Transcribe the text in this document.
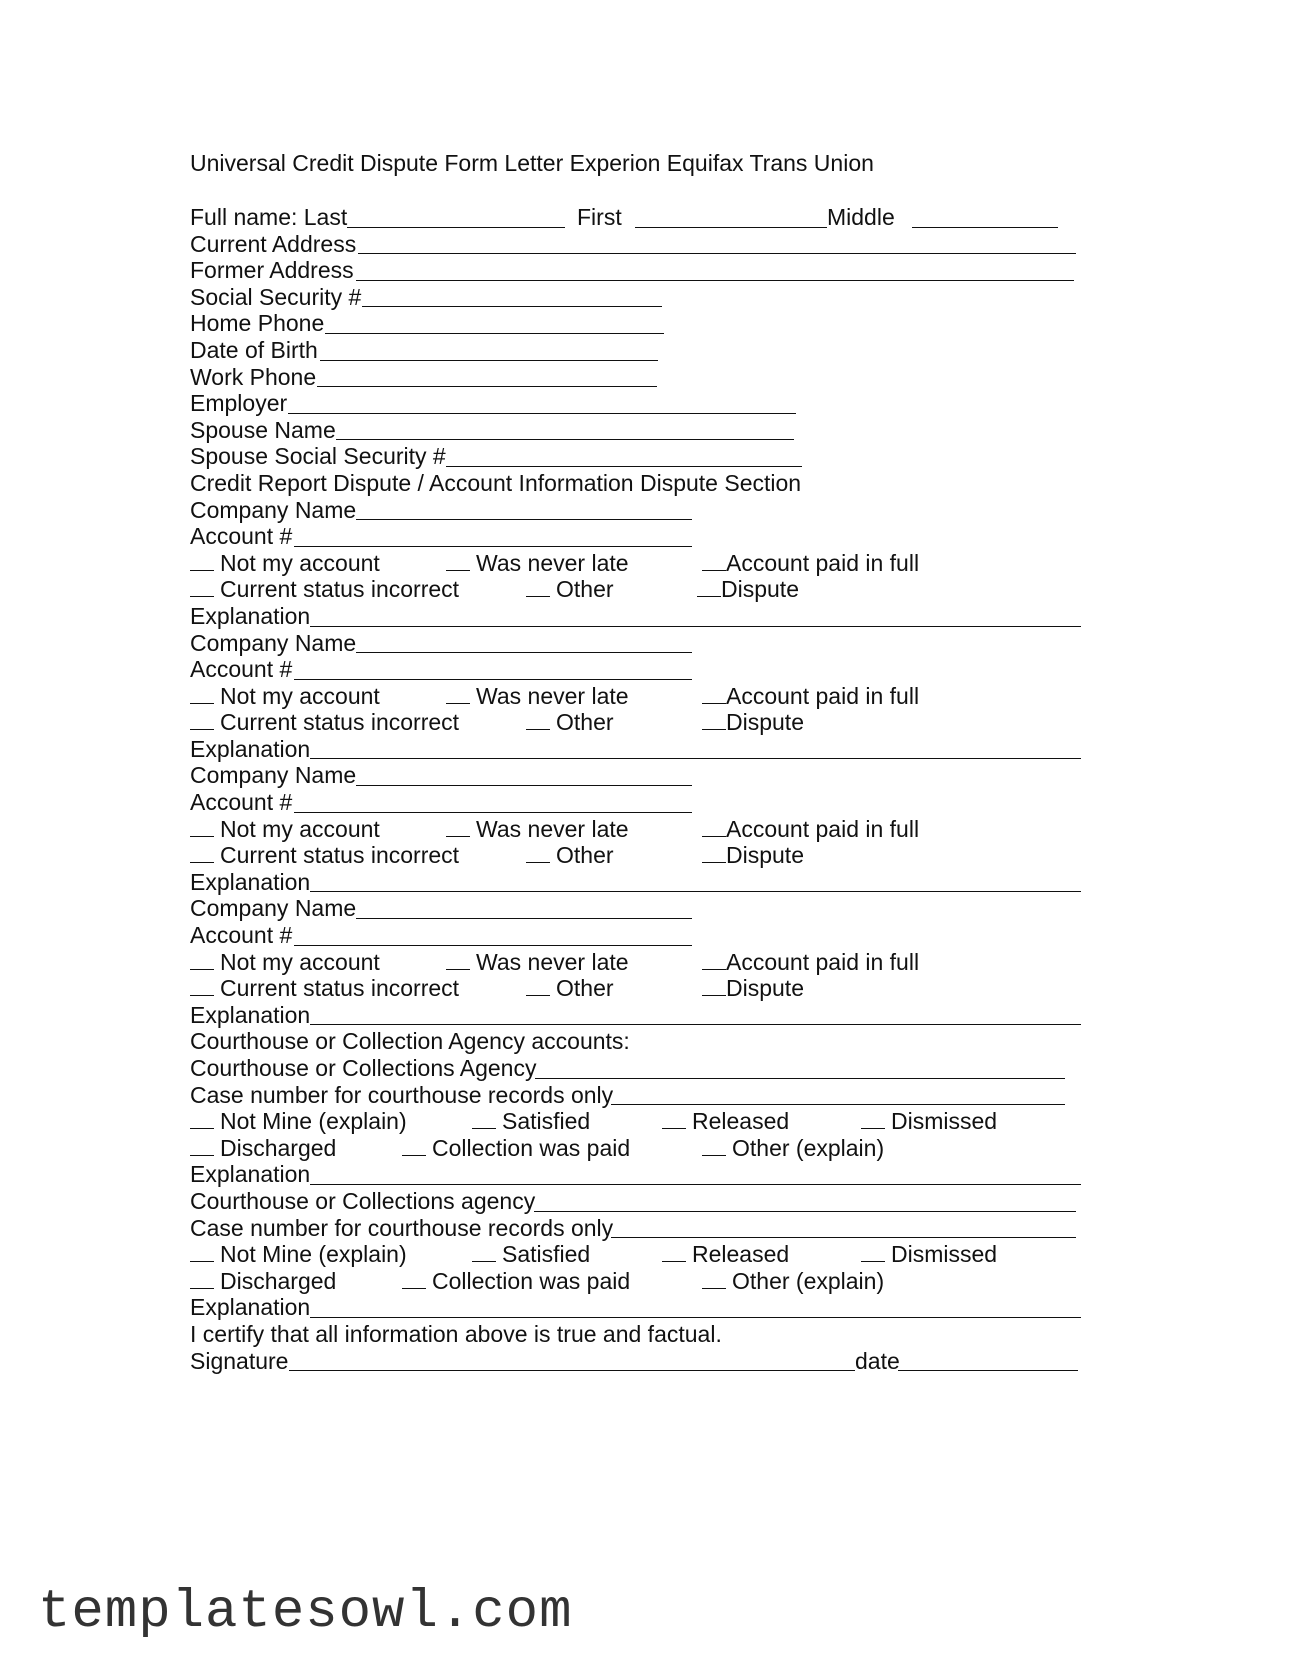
Universal Credit Dispute Form Letter Experion Equifax Trans Union
Full name: Last	First	Middle
Current Address
Former Address
Social Security #
Home Phone
Date of Birth
Work Phone
Employer
Spouse Name
Spouse Social Security #
Credit Report Dispute / Account Information Dispute Section
Company Name
Account #
Not my account	Was never late	Account paid in full
Current status incorrect	Other	Dispute
Explanation
Company Name
Account #
Not my account	Was never late	Account paid in full
Current status incorrect	Other	Dispute
Explanation
Company Name
Account #
Not my account	Was never late	Account paid in full
Current status incorrect	Other	Dispute
Explanation
Company Name
Account #
Not my account	Was never late	Account paid in full
Current status incorrect	Other	Dispute
Explanation
Courthouse or Collection Agency accounts:
Courthouse or Collections Agency
Case number for courthouse records only
Not Mine (explain)	Satisfied	Released	Dismissed
Discharged	Collection was paid	Other (explain)
Explanation
Courthouse or Collections agency
Case number for courthouse records only
Not Mine (explain)	Satisfied	Released	Dismissed
Discharged	Collection was paid	Other (explain)
Explanation
I certify that all information above is true and factual.
Signature	date
templatesowl.com
